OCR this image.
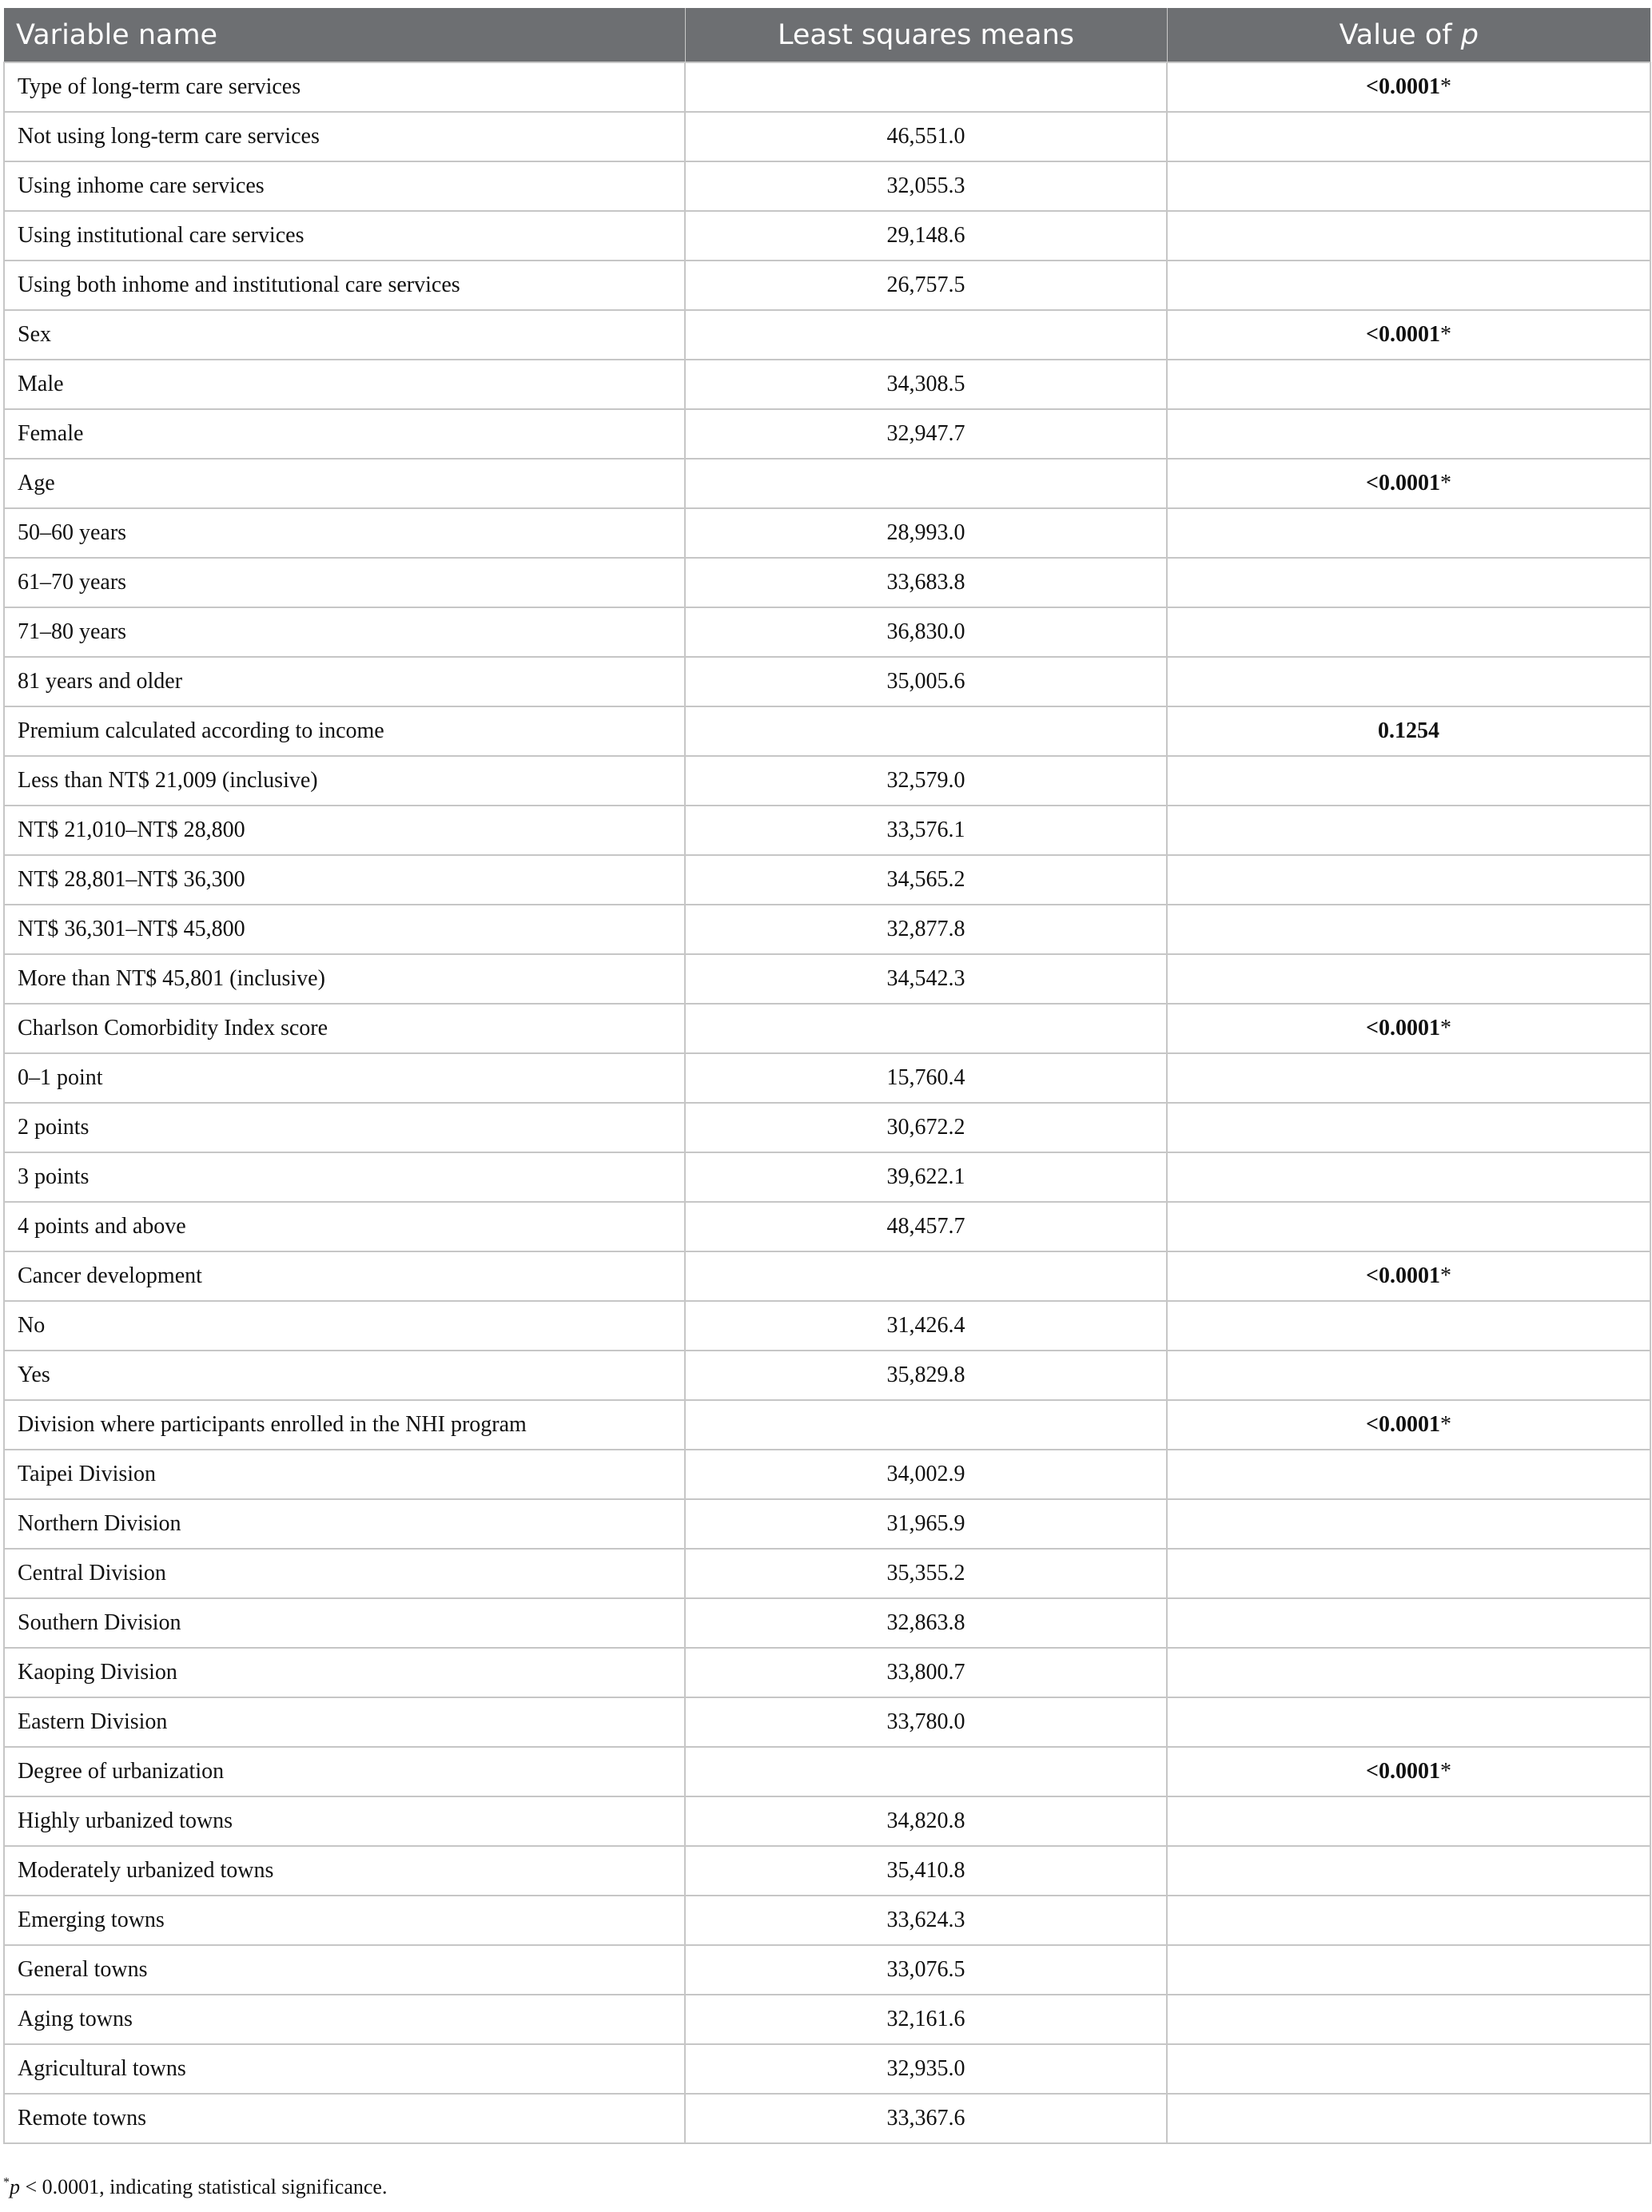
Variable name	Least squares means	Value of p
Type of long-term care services		<0.0001*
Not using long-term care services	46,551.0	
Using inhome care services	32,055.3	
Using institutional care services	29,148.6	
Using both inhome and institutional care services	26,757.5	
Sex		<0.0001*
Male	34,308.5	
Female	32,947.7	
Age		<0.0001*
50–60 years	28,993.0	
61–70 years	33,683.8	
71–80 years	36,830.0	
81 years and older	35,005.6	
Premium calculated according to income		0.1254
Less than NT$ 21,009 (inclusive)	32,579.0	
NT$ 21,010–NT$ 28,800	33,576.1	
NT$ 28,801–NT$ 36,300	34,565.2	
NT$ 36,301–NT$ 45,800	32,877.8	
More than NT$ 45,801 (inclusive)	34,542.3	
Charlson Comorbidity Index score		<0.0001*
0–1 point	15,760.4	
2 points	30,672.2	
3 points	39,622.1	
4 points and above	48,457.7	
Cancer development		<0.0001*
No	31,426.4	
Yes	35,829.8	
Division where participants enrolled in the NHI program		<0.0001*
Taipei Division	34,002.9	
Northern Division	31,965.9	
Central Division	35,355.2	
Southern Division	32,863.8	
Kaoping Division	33,800.7	
Eastern Division	33,780.0	
Degree of urbanization		<0.0001*
Highly urbanized towns	34,820.8	
Moderately urbanized towns	35,410.8	
Emerging towns	33,624.3	
General towns	33,076.5	
Aging towns	32,161.6	
Agricultural towns	32,935.0	
Remote towns	33,367.6	
*p < 0.0001, indicating statistical significance.
